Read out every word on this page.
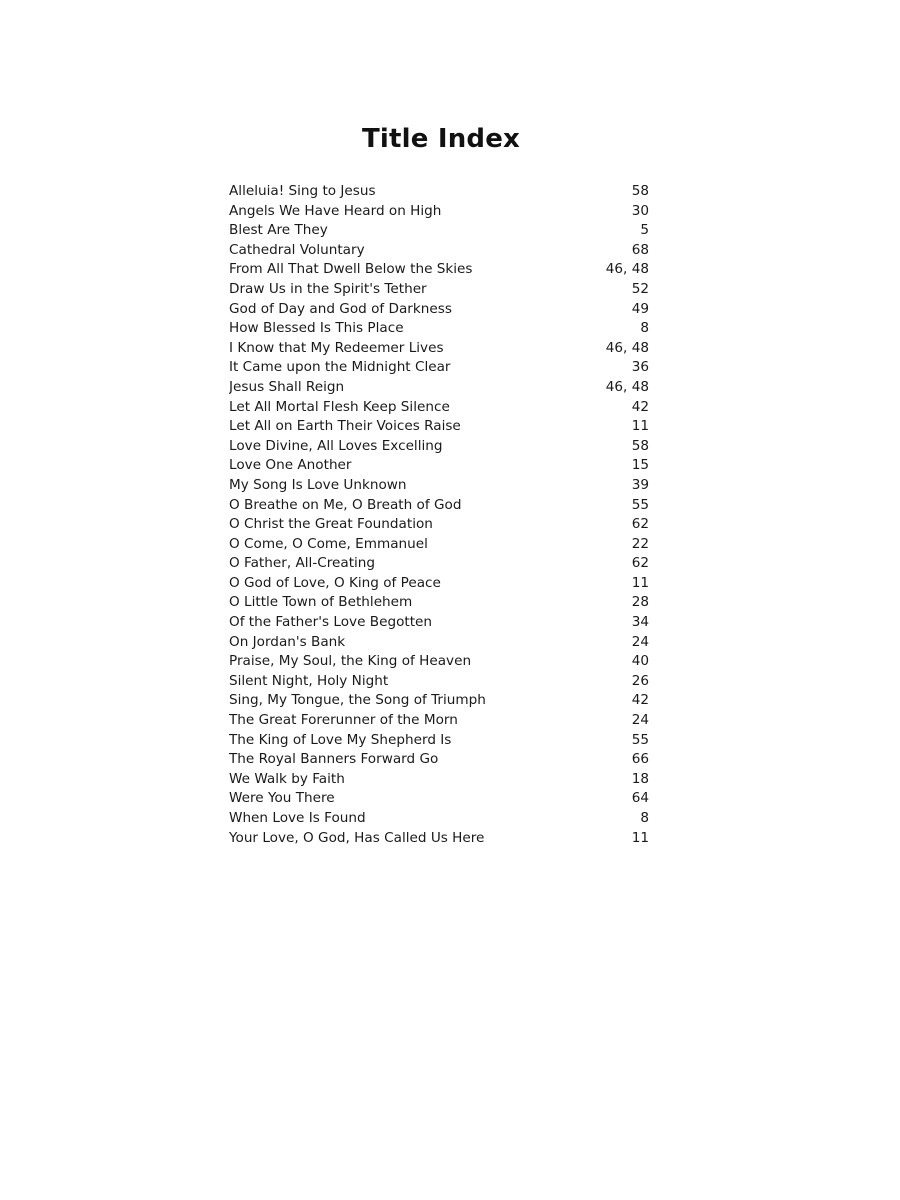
Title Index
Alleluia! Sing to Jesus	58
Angels We Have Heard on High	30
Blest Are They	5
Cathedral Voluntary	68
From All That Dwell Below the Skies	46, 48
Draw Us in the Spirit's Tether	52
God of Day and God of Darkness	49
How Blessed Is This Place	8
I Know that My Redeemer Lives	46, 48
It Came upon the Midnight Clear	36
Jesus Shall Reign	46, 48
Let All Mortal Flesh Keep Silence	42
Let All on Earth Their Voices Raise	11
Love Divine, All Loves Excelling	58
Love One Another	15
My Song Is Love Unknown	39
O Breathe on Me, O Breath of God	55
O Christ the Great Foundation	62
O Come, O Come, Emmanuel	22
O Father, All-Creating	62
O God of Love, O King of Peace	11
O Little Town of Bethlehem	28
Of the Father's Love Begotten	34
On Jordan's Bank	24
Praise, My Soul, the King of Heaven	40
Silent Night, Holy Night	26
Sing, My Tongue, the Song of Triumph	42
The Great Forerunner of the Morn	24
The King of Love My Shepherd Is	55
The Royal Banners Forward Go	66
We Walk by Faith	18
Were You There	64
When Love Is Found	8
Your Love, O God, Has Called Us Here	11
